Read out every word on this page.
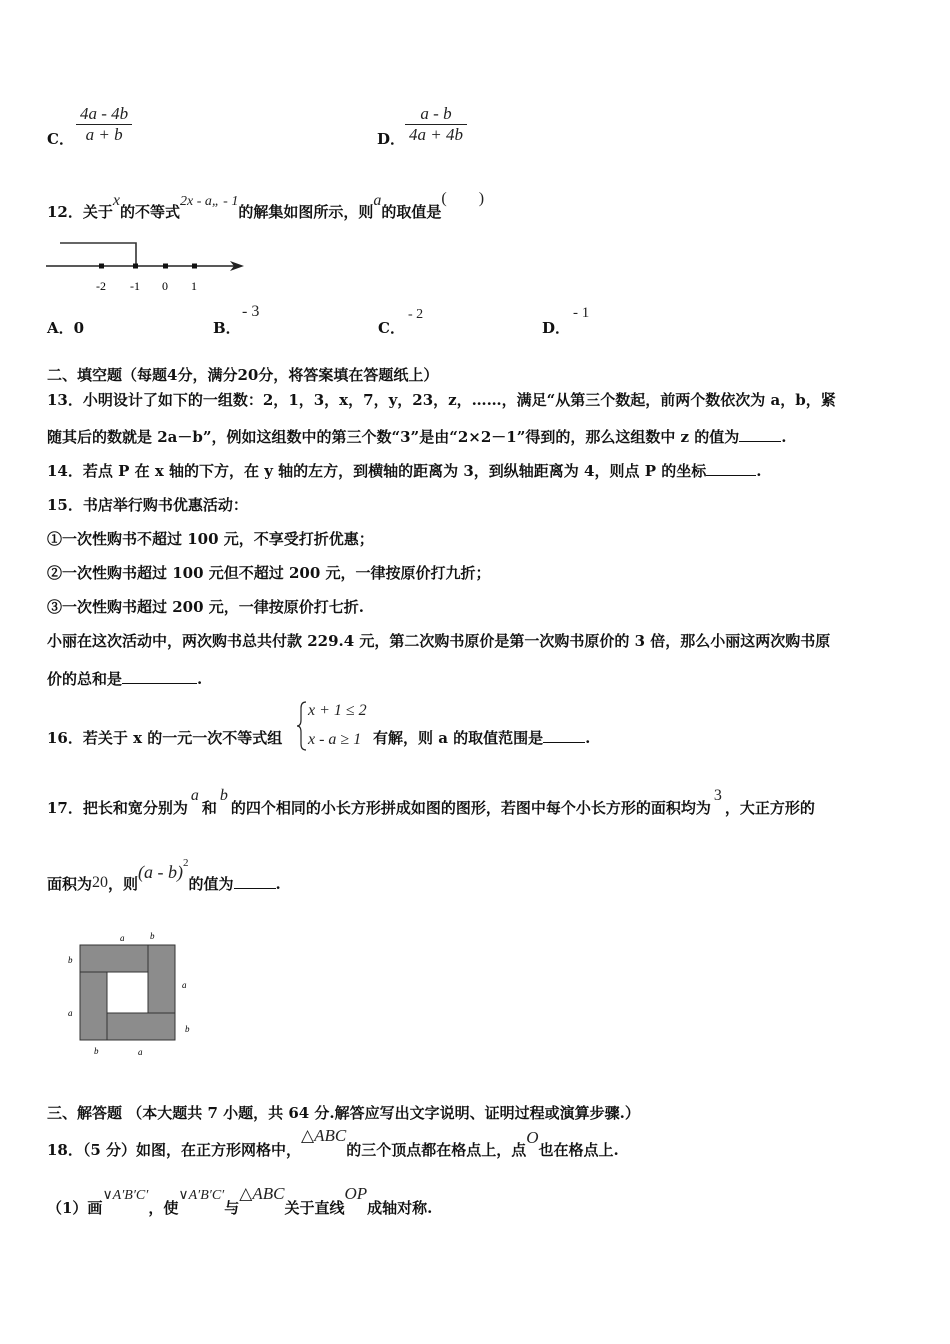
C． $\frac{4a - 4b}{a + b}$	D． $\frac{a - b}{4a + 4b}$
12．关于x的不等式2x - a„ - 1的解集如图所示，则a的取值是(        )
-2 -1 0 1
A．0	B．
- 3
C．
- 2
D．
- 1
二、填空题（每题4分，满分20分，将答案填在答题纸上）
13．小明设计了如下的一组数：2，1，3，x，7，y，23，z，……，满足“从第三个数起，前两个数依次为 a，b，紧
随其后的数就是 2a－b”，例如这组数中的第三个数“3”是由“2×2－1”得到的，那么这组数中 z 的值为	.
14．若点 P 在 x 轴的下方，在 y 轴的左方，到横轴的距离为 3，到纵轴距离为 4，则点 P 的坐标	.
15．书店举行购书优惠活动：
①一次性购书不超过 100 元，不享受打折优惠；
②一次性购书超过 100 元但不超过 200 元，一律按原价打九折；
③一次性购书超过 200 元，一律按原价打七折.
小丽在这次活动中，两次购书总共付款 229.4 元，第二次购书原价是第一次购书原价的 3 倍，那么小丽这两次购书原
价的总和是	.
16．若关于 x 的一元一次不等式组
x + 1 ≤ 2
x - a ≥ 1 有解，则 a 的取值范围是	.
17．把长和宽分别为a和b的四个相同的小长方形拼成如图的图形，若图中每个小长方形的面积均为3，大正方形的
面积为20，则(a - b)$^2$的值为	.
a	b
b
a
a
b
b	a
三、解答题 （本大题共 7 小题，共 64 分.解答应写出文字说明、证明过程或演算步骤.）
18．（5 分）如图，在正方形网格中，△ABC的三个顶点都在格点上，点O也在格点上.
（1）画∨A′B′C′，使∨A′B′C′与△ABC关于直线OP成轴对称.
